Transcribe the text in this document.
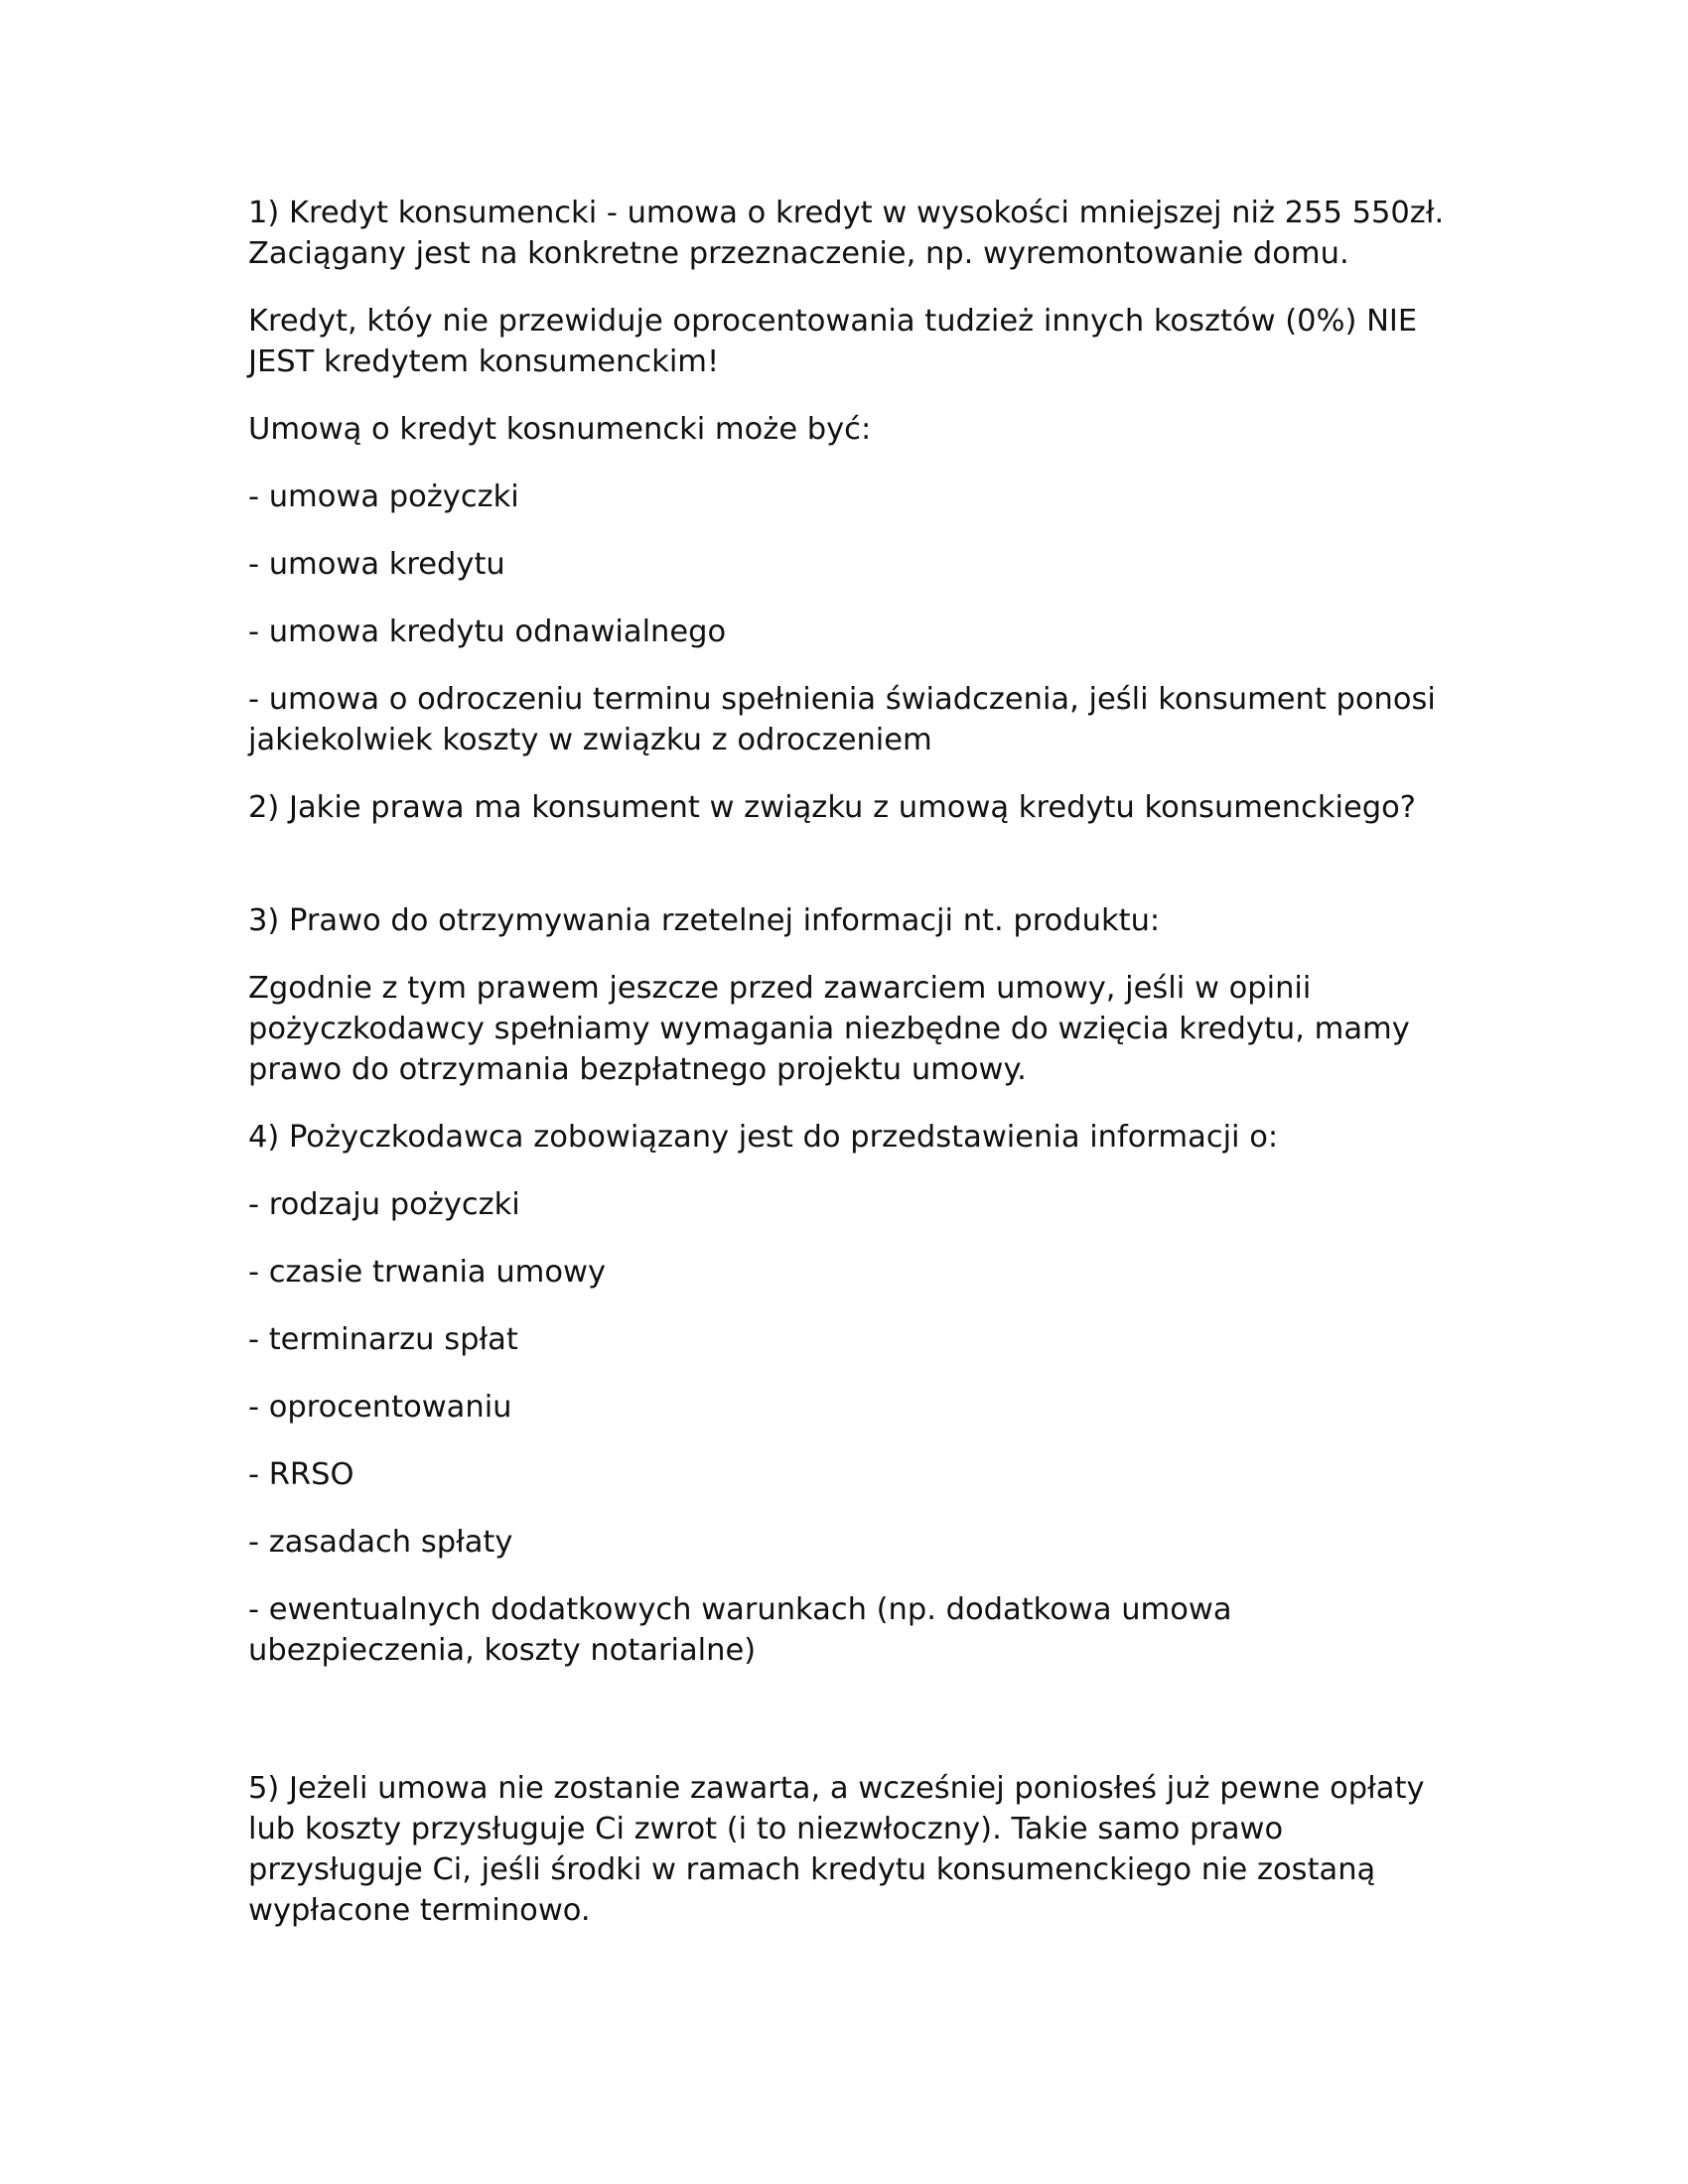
1) Kredyt konsumencki - umowa o kredyt w wysokości mniejszej niż 255 550zł. Zaciągany jest na konkretne przeznaczenie, np. wyremontowanie domu.

Kredyt, któy nie przewiduje oprocentowania tudzież innych kosztów (0%) NIE JEST kredytem konsumenckim!

Umową o kredyt kosnumencki może być:

- umowa pożyczki

- umowa kredytu

- umowa kredytu odnawialnego

- umowa o odroczeniu terminu spełnienia świadczenia, jeśli konsument ponosi jakiekolwiek koszty w związku z odroczeniem

2) Jakie prawa ma konsument w związku z umową kredytu konsumenckiego?

3) Prawo do otrzymywania rzetelnej informacji nt. produktu:

Zgodnie z tym prawem jeszcze przed zawarciem umowy, jeśli w opinii pożyczkodawcy spełniamy wymagania niezbędne do wzięcia kredytu, mamy prawo do otrzymania bezpłatnego projektu umowy.

4) Pożyczkodawca zobowiązany jest do przedstawienia informacji o:

- rodzaju pożyczki

- czasie trwania umowy

- terminarzu spłat

- oprocentowaniu

- RRSO

- zasadach spłaty

- ewentualnych dodatkowych warunkach (np. dodatkowa umowa ubezpieczenia, koszty notarialne)

5) Jeżeli umowa nie zostanie zawarta, a wcześniej poniosłeś już pewne opłaty lub koszty przysługuje Ci zwrot (i to niezwłoczny). Takie samo prawo przysługuje Ci, jeśli środki w ramach kredytu konsumenckiego nie zostaną wypłacone terminowo.
